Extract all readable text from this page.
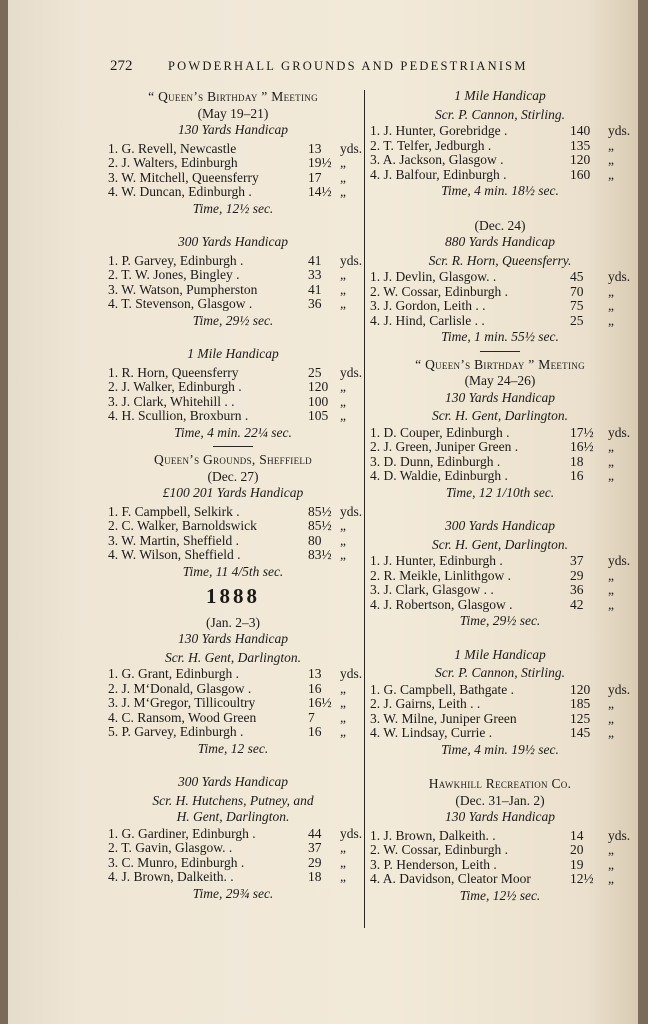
272	POWDERHALL GROUNDS AND PEDESTRIANISM
“ Queen’s Birthday ” Meeting
(May 19–21)
130 Yards Handicap
1. G. Revell, Newcastle	13 yds.
2. J. Walters, Edinburgh	19½ „
3. W. Mitchell, Queensferry	17 „
4. W. Duncan, Edinburgh .	14½ „
Time, 12½ sec.
300 Yards Handicap
1. P. Garvey, Edinburgh .	41 yds.
2. T. W. Jones, Bingley .	33 „
3. W. Watson, Pumpherston	41 „
4. T. Stevenson, Glasgow .	36 „
Time, 29½ sec.
1 Mile Handicap
1. R. Horn, Queensferry	25 yds.
2. J. Walker, Edinburgh .	120 „
3. J. Clark, Whitehill . .	100 „
4. H. Scullion, Broxburn .	105 „
Time, 4 min. 22¼ sec.
Queen’s Grounds, Sheffield
(Dec. 27)
£100 201 Yards Handicap
1. F. Campbell, Selkirk .	85½ yds.
2. C. Walker, Barnoldswick	85½ „
3. W. Martin, Sheffield .	80 „
4. W. Wilson, Sheffield .	83½ „
Time, 11 4/5th sec.
1888
(Jan. 2–3)
130 Yards Handicap
Scr. H. Gent, Darlington.
1. G. Grant, Edinburgh .	13 yds.
2. J. M‘Donald, Glasgow .	16 „
3. J. M‘Gregor, Tillicoultry	16½ „
4. C. Ransom, Wood Green	7 „
5. P. Garvey, Edinburgh .	16 „
Time, 12 sec.
300 Yards Handicap
Scr. H. Hutchens, Putney, and
H. Gent, Darlington.
1. G. Gardiner, Edinburgh .	44 yds.
2. T. Gavin, Glasgow. .	37 „
3. C. Munro, Edinburgh .	29 „
4. J. Brown, Dalkeith. .	18 „
Time, 29¾ sec.
1 Mile Handicap
Scr. P. Cannon, Stirling.
1. J. Hunter, Gorebridge .	140 yds.
2. T. Telfer, Jedburgh .	135 „
3. A. Jackson, Glasgow .	120 „
4. J. Balfour, Edinburgh .	160 „
Time, 4 min. 18½ sec.
(Dec. 24)
880 Yards Handicap
Scr. R. Horn, Queensferry.
1. J. Devlin, Glasgow. .	45 yds.
2. W. Cossar, Edinburgh .	70 „
3. J. Gordon, Leith . .	75 „
4. J. Hind, Carlisle . .	25 „
Time, 1 min. 55½ sec.
“ Queen’s Birthday ” Meeting
(May 24–26)
130 Yards Handicap
Scr. H. Gent, Darlington.
1. D. Couper, Edinburgh .	17½ yds.
2. J. Green, Juniper Green .	16½ „
3. D. Dunn, Edinburgh .	18 „
4. D. Waldie, Edinburgh .	16 „
Time, 12 1/10th sec.
300 Yards Handicap
Scr. H. Gent, Darlington.
1. J. Hunter, Edinburgh .	37 yds.
2. R. Meikle, Linlithgow .	29 „
3. J. Clark, Glasgow . .	36 „
4. J. Robertson, Glasgow .	42 „
Time, 29½ sec.
1 Mile Handicap
Scr. P. Cannon, Stirling.
1. G. Campbell, Bathgate .	120 yds.
2. J. Gairns, Leith . .	185 „
3. W. Milne, Juniper Green	125 „
4. W. Lindsay, Currie .	145 „
Time, 4 min. 19½ sec.
Hawkhill Recreation Co.
(Dec. 31–Jan. 2)
130 Yards Handicap
1. J. Brown, Dalkeith. .	14 yds.
2. W. Cossar, Edinburgh .	20 „
3. P. Henderson, Leith .	19 „
4. A. Davidson, Cleator Moor	12½ „
Time, 12½ sec.
